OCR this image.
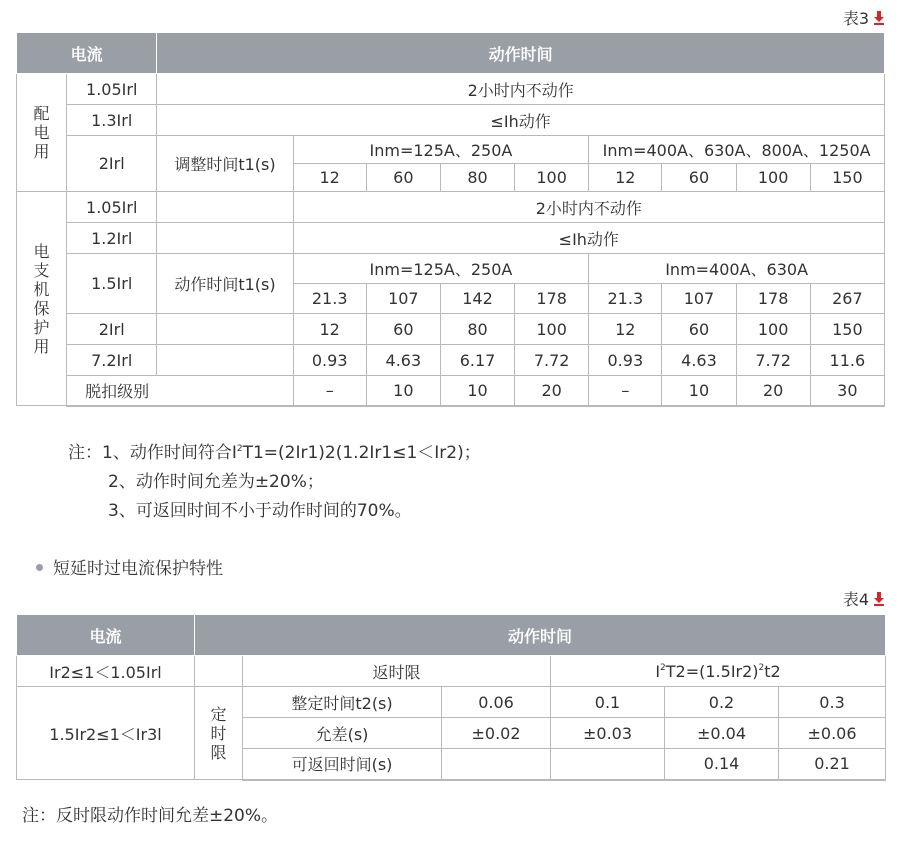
表3
电流		动作时间								

配电用	1.05Irl	2小时内不动作								
	1.3Irl	≤Ih动作								
	2Irl	调整时间t1(s)	Inm=125A、250A				Inm=400A、630A、800A、1250A			
			12	60	80	100	12	60	100	150

电支机保护用	1.05Irl		2小时内不动作							
	1.2Irl		≤Ih动作							
	1.5Irl	动作时间t1(s)	Inm=125A、250A				Inm=400A、630A			
			21.3	107	142	178	21.3	107	178	267
	2Irl		12	60	80	100	12	60	100	150
	7.2Irl		0.93	4.63	6.17	7.72	0.93	4.63	7.72	11.6
	脱扣级别		–	10	10	20	–	10	20	30
注：1、动作时间符合$I^2T1=(2Ir1)2(1.2Ir1\le 1<Ir2)$；
2、动作时间允差为±20%；
3、可返回时间不小于动作时间的70%。
短延时过电流保护特性
表4
电流	动作时间					
Ir2≤1＜1.05Irl		返时限		$I^2T2=(1.5Ir2)^2t2$		
1.5Ir2≤1＜Ir3l	定时限	整定时间t2(s)	0.06	0.1	0.2	0.3
		允差(s)	±0.02	±0.03	±0.04	±0.06
		可返回时间(s)			0.14	0.21
注：反时限动作时间允差±20%。
